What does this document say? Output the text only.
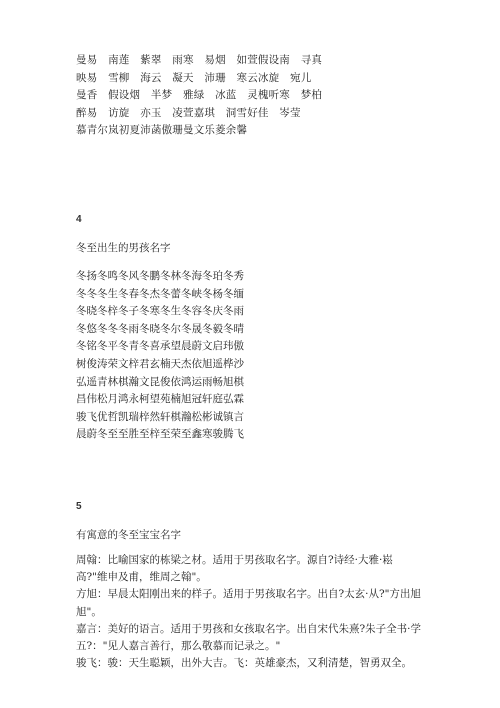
曼易　南莲　紫翠　雨寒　易烟　如萱假设南　寻真
映易　雪柳　海云　凝天　沛珊　寒云冰旋　宛儿
曼香　假设烟　半梦　雅绿　冰蓝　灵槐听寒　梦柏
醉易　访旋　亦玉　凌萱嘉琪　洞雪好佳　岑莹
慕青尔岚初夏沛菡傲珊曼文乐菱余馨
4
冬至出生的男孩名字
冬扬冬鸣冬风冬鹏冬林冬海冬珀冬秀
冬冬冬生冬春冬杰冬蕾冬峡冬杨冬缅
冬晓冬梓冬子冬寒冬生冬容冬庆冬雨
冬悠冬冬冬雨冬晓冬尔冬晟冬毅冬晴
冬铭冬平冬青冬喜承望晨蔚文启玮傲
树俊涛荣文梓君玄楠天杰依旭遥桦沙
弘遥青林棋瀚文昆俊依鸿运雨畅旭棋
昌伟松月鸿永柯望苑楠旭冠轩庭弘霖
骏飞优哲凯瑞梓然轩棋瀚松彬诚镇言
晨蔚冬至至胜至梓至荣至鑫寒骏腾飞
5
有寓意的冬至宝宝名字
周翰：比喻国家的栋梁之材。适用于男孩取名字。源自?诗经·大雅·崧高?"维申及甫，维周之翰"。
方旭：早晨太阳刚出来的样子。适用于男孩取名字。出自?太玄·从?"方出旭旭"。
嘉言：美好的语言。适用于男孩和女孩取名字。出自宋代朱熹?朱子全书·学五?："见人嘉言善行，那么敬慕而记录之。"
骏飞：骏：天生聪颖，出外大吉。飞：英雄豪杰，又利清楚，智勇双全。
